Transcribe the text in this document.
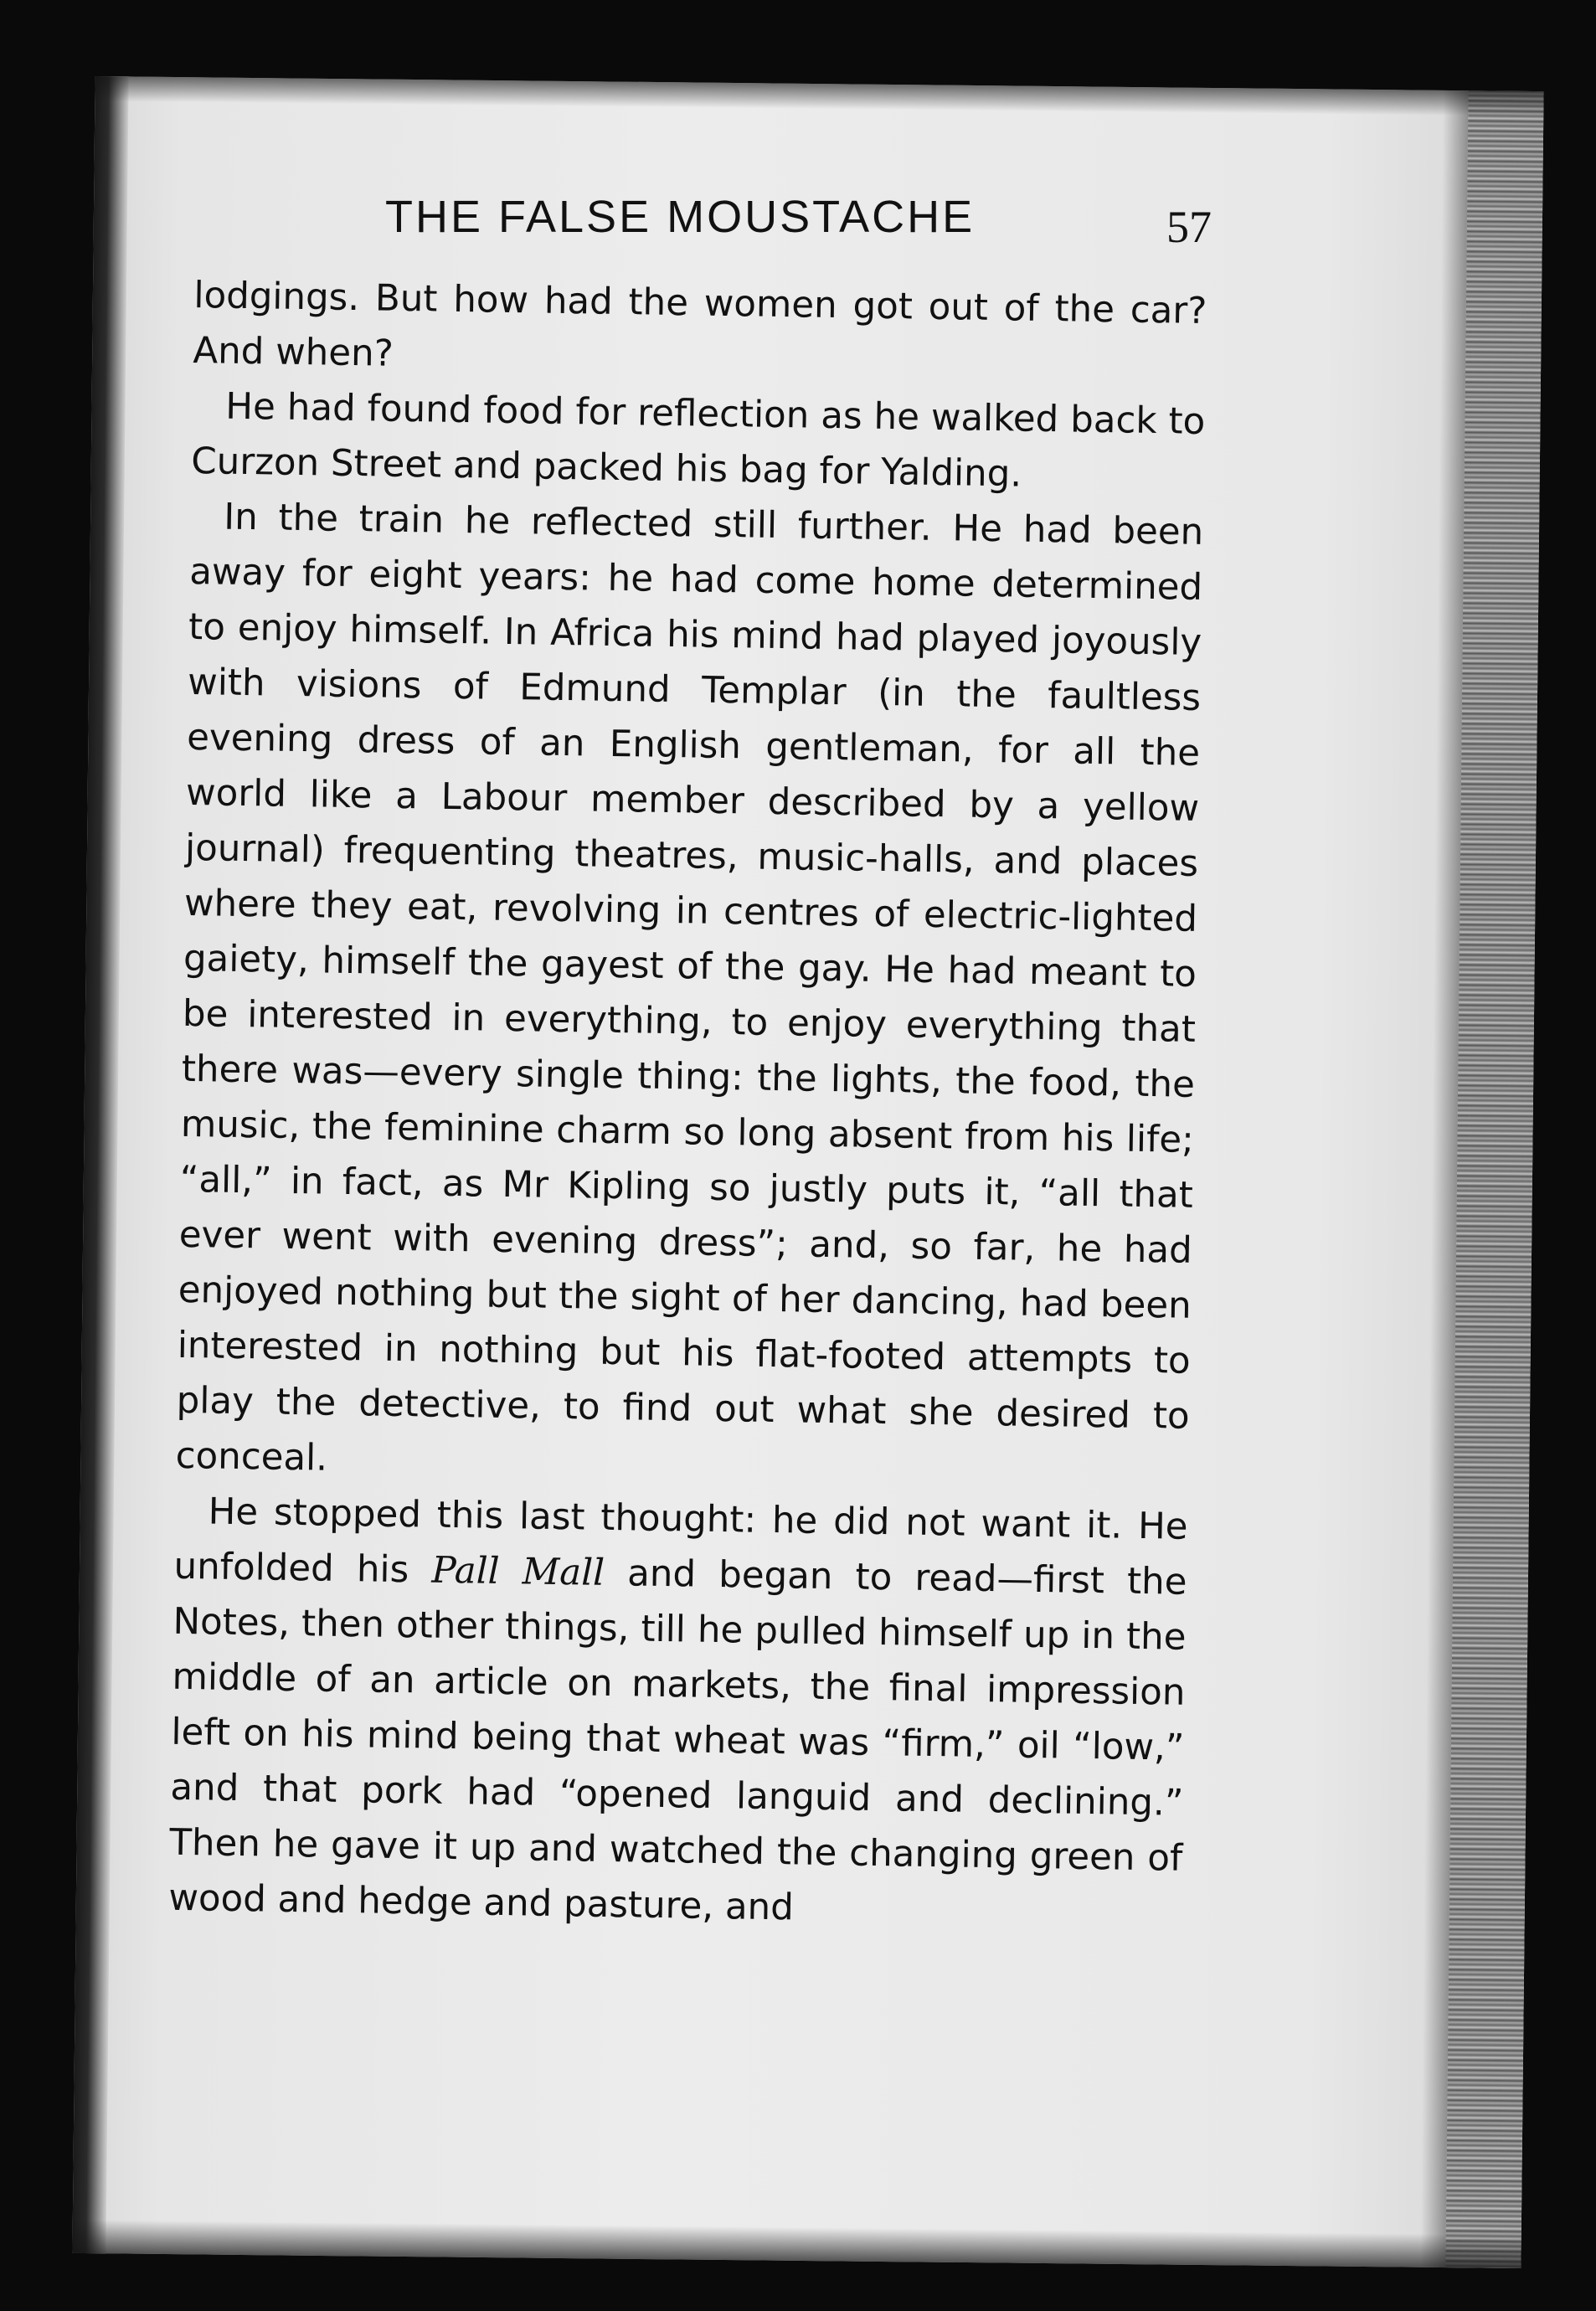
THE FALSE MOUSTACHE	57

lodgings. But how had the women got out of the car? And when?

He had found food for reflection as he walked back to Curzon Street and packed his bag for Yalding.

In the train he reflected still further. He had been away for eight years: he had come home determined to enjoy himself. In Africa his mind had played joyously with visions of Edmund Templar (in the faultless evening dress of an English gentleman, for all the world like a Labour member described by a yellow journal) frequenting theatres, music-halls, and places where they eat, revolving in centres of electric-lighted gaiety, himself the gayest of the gay. He had meant to be interested in everything, to enjoy everything that there was—every single thing: the lights, the food, the music, the feminine charm so long absent from his life; “all,” in fact, as Mr Kipling so justly puts it, “all that ever went with evening dress”; and, so far, he had enjoyed nothing but the sight of her dancing, had been interested in nothing but his flat-footed attempts to play the detective, to find out what she desired to conceal.

He stopped this last thought: he did not want it. He unfolded his Pall Mall and began to read—first the Notes, then other things, till he pulled himself up in the middle of an article on markets, the final impression left on his mind being that wheat was “firm,” oil “low,” and that pork had “opened languid and declining.” Then he gave it up and watched the changing green of wood and hedge and pasture, and
